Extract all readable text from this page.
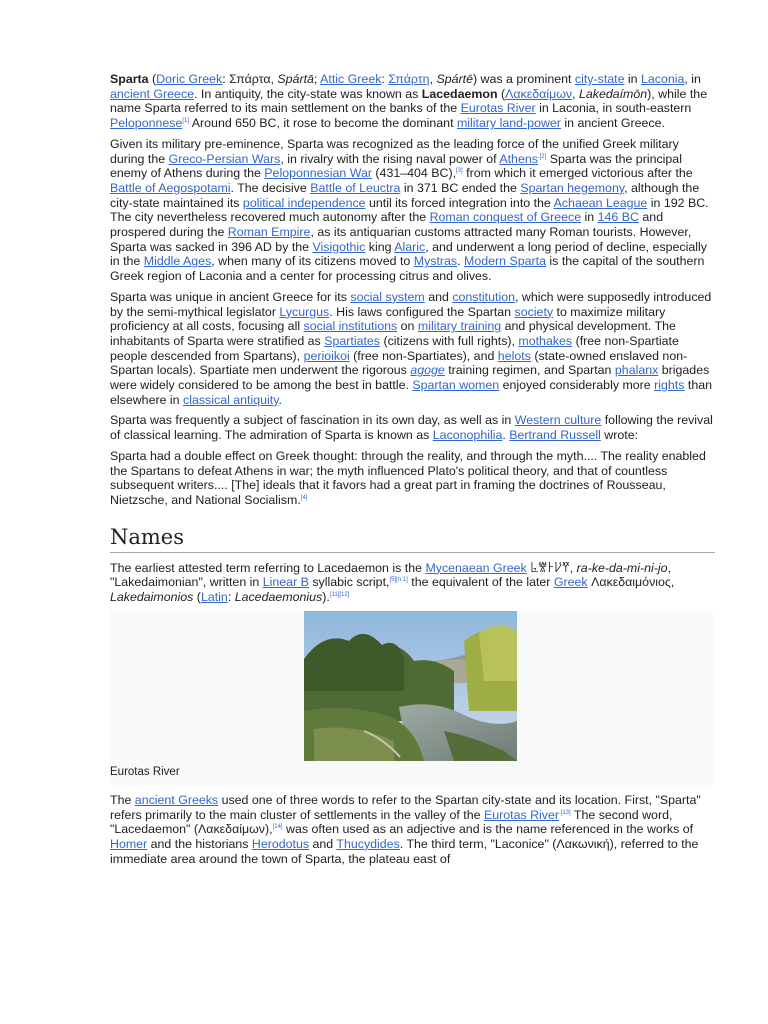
Sparta (Doric Greek: Σπάρτα, Spártā; Attic Greek: Σπάρτη, Spártē) was a prominent city-state in Laconia, in ancient Greece. In antiquity, the city-state was known as Lacedaemon (Λακεδαίμων, Lakedaímōn), while the name Sparta referred to its main settlement on the banks of the Eurotas River in Laconia, in south-eastern Peloponnese[1] Around 650 BC, it rose to become the dominant military land-power in ancient Greece.

Given its military pre-eminence, Sparta was recognized as the leading force of the unified Greek military during the Greco-Persian Wars, in rivalry with the rising naval power of Athens$^{.[2]}$ Sparta was the principal enemy of Athens during the Peloponnesian War (431–404 BC),[3] from which it emerged victorious after the Battle of Aegospotami. The decisive Battle of Leuctra in 371 BC ended the Spartan hegemony, although the city-state maintained its political independence until its forced integration into the Achaean League in 192 BC. The city nevertheless recovered much autonomy after the Roman conquest of Greece in 146 BC and prospered during the Roman Empire, as its antiquarian customs attracted many Roman tourists. However, Sparta was sacked in 396 AD by the Visigothic king Alaric, and underwent a long period of decline, especially in the Middle Ages, when many of its citizens moved to Mystras. Modern Sparta is the capital of the southern Greek region of Laconia and a center for processing citrus and olives.

Sparta was unique in ancient Greece for its social system and constitution, which were supposedly introduced by the semi-mythical legislator Lycurgus. His laws configured the Spartan society to maximize military proficiency at all costs, focusing all social institutions on military training and physical development. The inhabitants of Sparta were stratified as Spartiates (citizens with full rights), mothakes (free non-Spartiate people descended from Spartans), perioikoi (free non-Spartiates), and helots (state-owned enslaved non-Spartan locals). Spartiate men underwent the rigorous agoge training regimen, and Spartan phalanx brigades were widely considered to be among the best in battle. Spartan women enjoyed considerably more rights than elsewhere in classical antiquity.

Sparta was frequently a subject of fascination in its own day, as well as in Western culture following the revival of classical learning. The admiration of Sparta is known as Laconophilia. Bertrand Russell wrote:

Sparta had a double effect on Greek thought: through the reality, and through the myth.... The reality enabled the Spartans to defeat Athens in war; the myth influenced Plato's political theory, and that of countless subsequent writers.... [The] ideals that it favors had a great part in framing the doctrines of Rousseau, Nietzsche, and National Socialism.[4]

Names

The earliest attested term referring to Lacedaemon is the Mycenaean Greek 𐀨𐀐𐀅𐀖𐀛, ra-ke-da-mi-ni-jo, "Lakedaimonian", written in Linear B syllabic script,[5][n 1] the equivalent of the later Greek Λακεδαιμόνιος, Lakedaimonios (Latin: Lacedaemonius).[11][12]

Eurotas River

The ancient Greeks used one of three words to refer to the Spartan city-state and its location. First, "Sparta" refers primarily to the main cluster of settlements in the valley of the Eurotas River$^{.[13]}$ The second word, "Lacedaemon" (Λακεδαίμων),[14] was often used as an adjective and is the name referenced in the works of Homer and the historians Herodotus and Thucydides. The third term, "Laconice" (Λακωνική), referred to the immediate area around the town of Sparta, the plateau east of
